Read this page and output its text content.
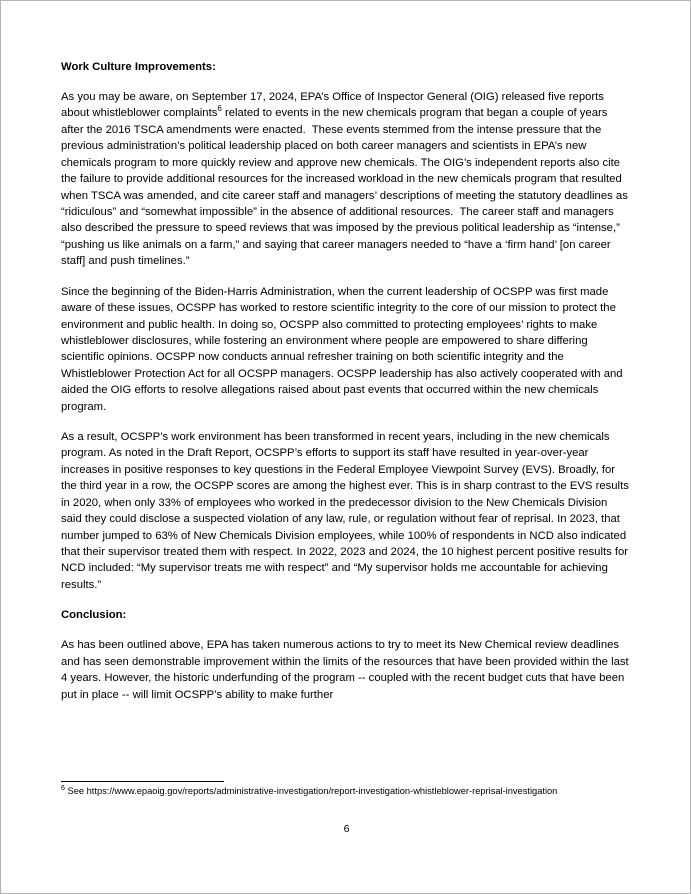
Work Culture Improvements:

As you may be aware, on September 17, 2024, EPA’s Office of Inspector General (OIG) released five reports about whistleblower complaints$^6$ related to events in the new chemicals program that began a couple of years after the 2016 TSCA amendments were enacted.  These events stemmed from the intense pressure that the previous administration’s political leadership placed on both career managers and scientists in EPA’s new chemicals program to more quickly review and approve new chemicals. The OIG’s independent reports also cite the failure to provide additional resources for the increased workload in the new chemicals program that resulted when TSCA was amended, and cite career staff and managers’ descriptions of meeting the statutory deadlines as “ridiculous” and “somewhat impossible” in the absence of additional resources.  The career staff and managers also described the pressure to speed reviews that was imposed by the previous political leadership as “intense,” “pushing us like animals on a farm,” and saying that career managers needed to “have a ‘firm hand’ [on career staff] and push timelines.”

Since the beginning of the Biden-Harris Administration, when the current leadership of OCSPP was first made aware of these issues, OCSPP has worked to restore scientific integrity to the core of our mission to protect the environment and public health. In doing so, OCSPP also committed to protecting employees’ rights to make whistleblower disclosures, while fostering an environment where people are empowered to share differing scientific opinions. OCSPP now conducts annual refresher training on both scientific integrity and the Whistleblower Protection Act for all OCSPP managers. OCSPP leadership has also actively cooperated with and aided the OIG efforts to resolve allegations raised about past events that occurred within the new chemicals program.

As a result, OCSPP’s work environment has been transformed in recent years, including in the new chemicals program. As noted in the Draft Report, OCSPP’s efforts to support its staff have resulted in year-over-year increases in positive responses to key questions in the Federal Employee Viewpoint Survey (EVS). Broadly, for the third year in a row, the OCSPP scores are among the highest ever. This is in sharp contrast to the EVS results in 2020, when only 33% of employees who worked in the predecessor division to the New Chemicals Division said they could disclose a suspected violation of any law, rule, or regulation without fear of reprisal. In 2023, that number jumped to 63% of New Chemicals Division employees, while 100% of respondents in NCD also indicated that their supervisor treated them with respect. In 2022, 2023 and 2024, the 10 highest percent positive results for NCD included: “My supervisor treats me with respect” and “My supervisor holds me accountable for achieving results.”

Conclusion:

As has been outlined above, EPA has taken numerous actions to try to meet its New Chemical review deadlines and has seen demonstrable improvement within the limits of the resources that have been provided within the last 4 years. However, the historic underfunding of the program -- coupled with the recent budget cuts that have been put in place -- will limit OCSPP’s ability to make further

$^6$ See https://www.epaoig.gov/reports/administrative-investigation/report-investigation-whistleblower-reprisal-investigation
6
